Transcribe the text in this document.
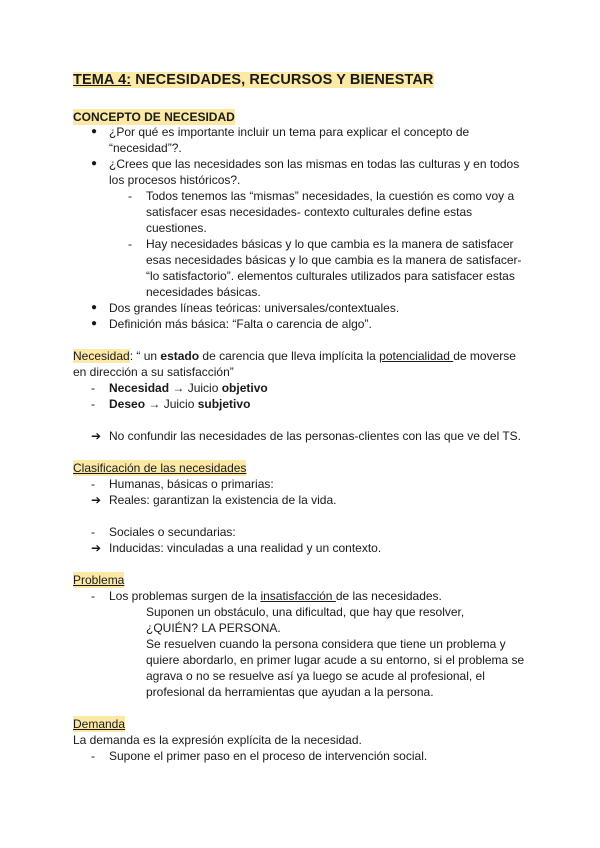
TEMA 4: NECESIDADES, RECURSOS Y BIENESTAR
CONCEPTO DE NECESIDAD
● ¿Por qué es importante incluir un tema para explicar el concepto de
“necesidad”?.
● ¿Crees que las necesidades son las mismas en todas las culturas y en todos
los procesos históricos?.
- Todos tenemos las “mismas” necesidades, la cuestión es como voy a
satisfacer esas necesidades- contexto culturales define estas
cuestiones.
- Hay necesidades básicas y lo que cambia es la manera de satisfacer
esas necesidades básicas y lo que cambia es la manera de satisfacer-
“lo satisfactorio”. elementos culturales utilizados para satisfacer estas
necesidades básicas.
● Dos grandes líneas teóricas: universales/contextuales.
● Definición más básica: “Falta o carencia de algo”.
Necesidad: “ un estado de carencia que lleva implícita la potencialidad de moverse
en dirección a su satisfacción”
- Necesidad → Juicio objetivo
- Deseo → Juicio subjetivo
➔ No confundir las necesidades de las personas-clientes con las que ve del TS.
Clasificación de las necesidades
- Humanas, básicas o primarias:
➔ Reales: garantizan la existencia de la vida.
- Sociales o secundarias:
➔ Inducidas: vinculadas a una realidad y un contexto.
Problema
- Los problemas surgen de la insatisfacción de las necesidades.
Suponen un obstáculo, una dificultad, que hay que resolver,
¿QUIÉN? LA PERSONA.
Se resuelven cuando la persona considera que tiene un problema y
quiere abordarlo, en primer lugar acude a su entorno, si el problema se
agrava o no se resuelve así ya luego se acude al profesional, el
profesional da herramientas que ayudan a la persona.
Demanda
La demanda es la expresión explícita de la necesidad.
- Supone el primer paso en el proceso de intervención social.
